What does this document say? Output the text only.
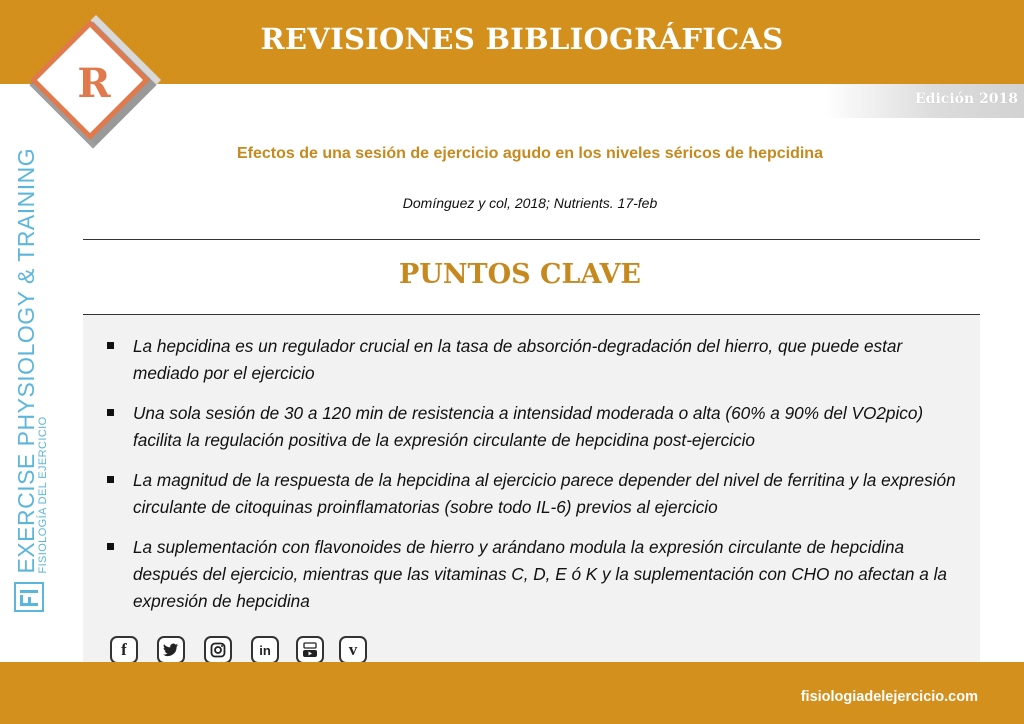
REVISIONES BIBLIOGRÁFICAS
Edición 2018
R

EXERCISE PHYSIOLOGY & TRAINING
FISIOLOGÍA DEL EJERCICIO
Efectos de una sesión de ejercicio agudo en los niveles séricos de hepcidina
Domínguez y col, 2018; Nutrients. 17-feb
PUNTOS CLAVE
La hepcidina es un regulador crucial en la tasa de absorción-degradación del hierro, que puede estar mediado por el ejercicio
Una sola sesión de 30 a 120 min de resistencia a intensidad moderada o alta (60% a 90% del VO2pico) facilita la regulación positiva de la expresión circulante de hepcidina post-ejercicio
La magnitud de la respuesta de la hepcidina al ejercicio parece depender del nivel de ferritina y la expresión circulante de citoquinas proinflamatorias (sobre todo IL-6) previos al ejercicio
La suplementación con flavonoides de hierro y arándano modula la expresión circulante de hepcidina después del ejercicio, mientras que las vitaminas C, D, E ó K y la suplementación con CHO no afectan a la expresión de hepcidina
f	in	v
fisiologiadelejercicio.com
